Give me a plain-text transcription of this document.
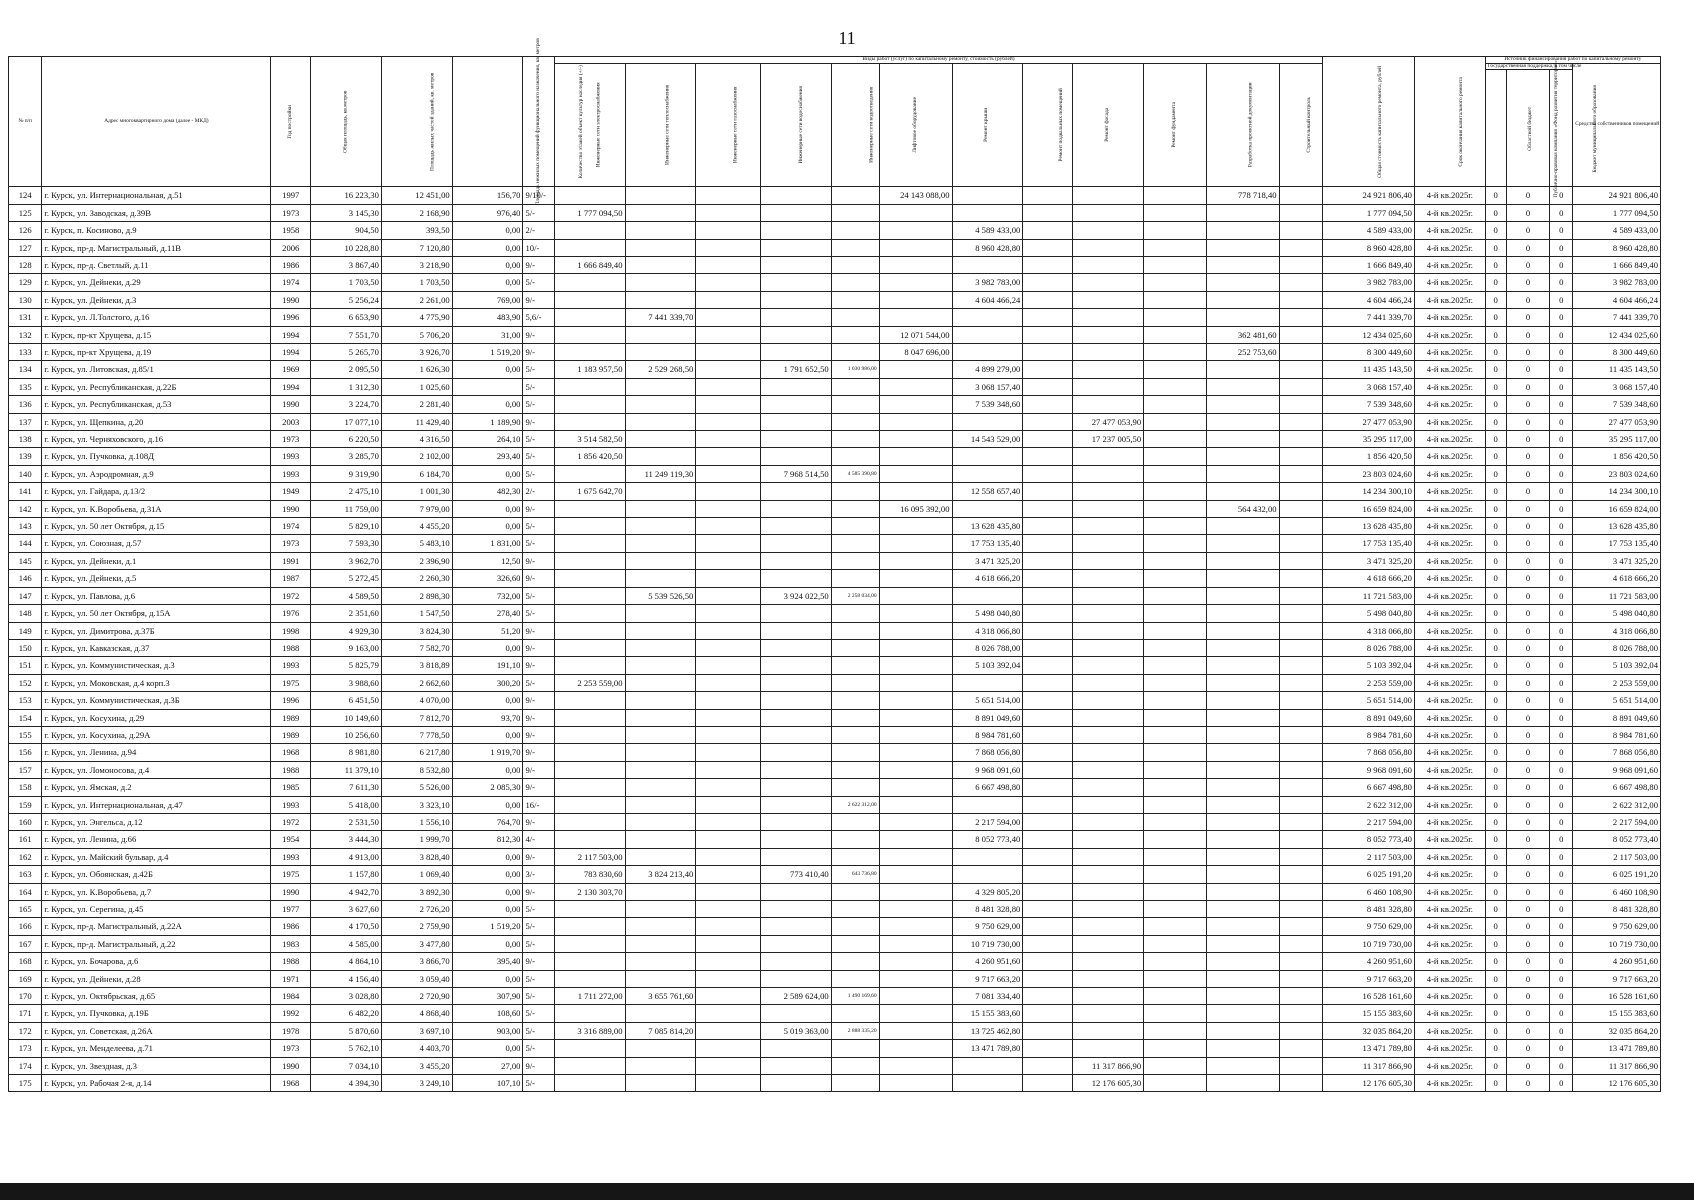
11
№ п/п	Адрес многоквартирного дома (далее - МКД)	Год постройки	Общая площадь, кв.метров	Площадь жилых частей зданий, кв. метров	Площадь нежилых помещений функционального назначения, кв. метров	Количество этажей объект культур наследия (+/-)	Виды работ (услуг) по капитальному ремонту, стоимость (рублей)												Общая стоимость капитального ремонта, рублей	Срок окончания капитального ремонта	Источник финансирования работ по капитальному ремонту			
							Инженерные сети электроснабжения	Инженерные сети теплоснабжения	Инженерные сети газоснабжения	Инженерные сети водоснабжения	Инженерные сети водоотведения	Лифтовое оборудование	Ремонт крыши	Ремонт подвальных помещений	Ремонт фасада	Ремонт фундамента	Разработка проектной документации	Строительный контроль			Государственная поддержка, в том числе			Средства собственников помещений
																					Публично-правовая компания «Фонд развития территорий»	Областной бюджет	Бюджет муниципального образования	
124	г. Курск, ул. Интернациональная, д.51	1997	16 223,30	12 451,00	156,70	9/10/-						24 143 088,00					778 718,40		24 921 806,40	4-й кв.2025г.	0	0	0	24 921 806,40
125	г. Курск, ул. Заводская, д.39В	1973	3 145,30	2 168,90	976,40	5/-	1 777 094,50												1 777 094,50	4-й кв.2025г.	0	0	0	1 777 094,50
126	г. Курск, п. Косиново, д.9	1958	904,50	393,50	0,00	2/-							4 589 433,00						4 589 433,00	4-й кв.2025г.	0	0	0	4 589 433,00
127	г. Курск, пр-д. Магистральный, д.11В	2006	10 228,80	7 120,80	0,00	10/-							8 960 428,80						8 960 428,80	4-й кв.2025г.	0	0	0	8 960 428,80
128	г. Курск, пр-д. Светлый, д.11	1986	3 867,40	3 218,90	0,00	9/-	1 666 849,40												1 666 849,40	4-й кв.2025г.	0	0	0	1 666 849,40
129	г. Курск, ул. Дейнеки, д.29	1974	1 703,50	1 703,50	0,00	5/-							3 982 783,00						3 982 783,00	4-й кв.2025г.	0	0	0	3 982 783,00
130	г. Курск, ул. Дейнеки, д.3	1990	5 256,24	2 261,00	769,00	9/-							4 604 466,24						4 604 466,24	4-й кв.2025г.	0	0	0	4 604 466,24
131	г. Курск, ул. Л.Толстого, д.16	1996	6 653,90	4 775,90	483,90	5,6/-		7 441 339,70											7 441 339,70	4-й кв.2025г.	0	0	0	7 441 339,70
132	г. Курск, пр-кт Хрущева, д.15	1994	7 551,70	5 706,20	31,00	9/-						12 071 544,00					362 481,60		12 434 025,60	4-й кв.2025г.	0	0	0	12 434 025,60
133	г. Курск, пр-кт Хрущева, д.19	1994	5 265,70	3 926,70	1 519,20	9/-						8 047 696,00					252 753,60		8 300 449,60	4-й кв.2025г.	0	0	0	8 300 449,60
134	г. Курск, ул. Литовская, д.85/1	1969	2 095,50	1 626,30	0,00	5/-	1 183 957,50	2 529 268,50		1 791 652,50	1 030 986,00		4 899 279,00						11 435 143,50	4-й кв.2025г.	0	0	0	11 435 143,50
135	г. Курск, ул. Республиканская, д.22Б	1994	1 312,30	1 025,60		5/-							3 068 157,40						3 068 157,40	4-й кв.2025г.	0	0	0	3 068 157,40
136	г. Курск, ул. Республиканская, д.53	1990	3 224,70	2 281,40	0,00	5/-							7 539 348,60						7 539 348,60	4-й кв.2025г.	0	0	0	7 539 348,60
137	г. Курск, ул. Щепкина, д.20	2003	17 077,10	11 429,40	1 189,90	9/-									27 477 053,90				27 477 053,90	4-й кв.2025г.	0	0	0	27 477 053,90
138	г. Курск, ул. Черняховского, д.16	1973	6 220,50	4 316,50	264,10	5/-	3 514 582,50						14 543 529,00		17 237 005,50				35 295 117,00	4-й кв.2025г.	0	0	0	35 295 117,00
139	г. Курск, ул. Пучковка, д.108Д	1993	3 285,70	2 102,00	293,40	5/-	1 856 420,50												1 856 420,50	4-й кв.2025г.	0	0	0	1 856 420,50
140	г. Курск, ул. Аэродромная, д.9	1993	9 319,90	6 184,70	0,00	5/-		11 249 119,30		7 968 514,50	4 585 390,80								23 803 024,60	4-й кв.2025г.	0	0	0	23 803 024,60
141	г. Курск, ул. Гайдара, д.13/2	1949	2 475,10	1 001,30	482,30	2/-	1 675 642,70						12 558 657,40						14 234 300,10	4-й кв.2025г.	0	0	0	14 234 300,10
142	г. Курск, ул. К.Воробьева, д.31А	1990	11 759,00	7 979,00	0,00	9/-						16 095 392,00					564 432,00		16 659 824,00	4-й кв.2025г.	0	0	0	16 659 824,00
143	г. Курск, ул. 50 лет Октября, д.15	1974	5 829,10	4 455,20	0,00	5/-							13 628 435,80						13 628 435,80	4-й кв.2025г.	0	0	0	13 628 435,80
144	г. Курск, ул. Союзная, д.57	1973	7 593,30	5 483,10	1 831,00	5/-							17 753 135,40						17 753 135,40	4-й кв.2025г.	0	0	0	17 753 135,40
145	г. Курск, ул. Дейнеки, д.1	1991	3 962,70	2 396,90	12,50	9/-							3 471 325,20						3 471 325,20	4-й кв.2025г.	0	0	0	3 471 325,20
146	г. Курск, ул. Дейнеки, д.5	1987	5 272,45	2 260,30	326,60	9/-							4 618 666,20						4 618 666,20	4-й кв.2025г.	0	0	0	4 618 666,20
147	г. Курск, ул. Павлова, д.6	1972	4 589,50	2 898,30	732,00	5/-		5 539 526,50		3 924 022,50	2 258 034,00								11 721 583,00	4-й кв.2025г.	0	0	0	11 721 583,00
148	г. Курск, ул. 50 лет Октября, д.15А	1976	2 351,60	1 547,50	278,40	5/-							5 498 040,80						5 498 040,80	4-й кв.2025г.	0	0	0	5 498 040,80
149	г. Курск, ул. Димитрова, д.37Б	1998	4 929,30	3 824,30	51,20	9/-							4 318 066,80						4 318 066,80	4-й кв.2025г.	0	0	0	4 318 066,80
150	г. Курск, ул. Кавказская, д.37	1988	9 163,00	7 582,70	0,00	9/-							8 026 788,00						8 026 788,00	4-й кв.2025г.	0	0	0	8 026 788,00
151	г. Курск, ул. Коммунистическая, д.3	1993	5 825,79	3 818,89	191,10	9/-							5 103 392,04						5 103 392,04	4-й кв.2025г.	0	0	0	5 103 392,04
152	г. Курск, ул. Моковская, д.4 корп.3	1975	3 988,60	2 662,60	300,20	5/-	2 253 559,00												2 253 559,00	4-й кв.2025г.	0	0	0	2 253 559,00
153	г. Курск, ул. Коммунистическая, д.3Б	1996	6 451,50	4 070,00	0,00	9/-							5 651 514,00						5 651 514,00	4-й кв.2025г.	0	0	0	5 651 514,00
154	г. Курск, ул. Косухина, д.29	1989	10 149,60	7 812,70	93,70	9/-							8 891 049,60						8 891 049,60	4-й кв.2025г.	0	0	0	8 891 049,60
155	г. Курск, ул. Косухина, д.29А	1989	10 256,60	7 778,50	0,00	9/-							8 984 781,60						8 984 781,60	4-й кв.2025г.	0	0	0	8 984 781,60
156	г. Курск, ул. Ленина, д.94	1968	8 981,80	6 217,80	1 919,70	9/-							7 868 056,80						7 868 056,80	4-й кв.2025г.	0	0	0	7 868 056,80
157	г. Курск, ул. Ломоносова, д.4	1988	11 379,10	8 532,80	0,00	9/-							9 968 091,60						9 968 091,60	4-й кв.2025г.	0	0	0	9 968 091,60
158	г. Курск, ул. Ямская, д.2	1985	7 611,30	5 526,00	2 085,30	9/-							6 667 498,80						6 667 498,80	4-й кв.2025г.	0	0	0	6 667 498,80
159	г. Курск, ул. Интернациональная, д.47	1993	5 418,00	3 323,10	0,00	16/-					2 622 312,00								2 622 312,00	4-й кв.2025г.	0	0	0	2 622 312,00
160	г. Курск, ул. Энгельса, д.12	1972	2 531,50	1 556,10	764,70	9/-							2 217 594,00						2 217 594,00	4-й кв.2025г.	0	0	0	2 217 594,00
161	г. Курск, ул. Ленина, д.66	1954	3 444,30	1 999,70	812,30	4/-							8 052 773,40						8 052 773,40	4-й кв.2025г.	0	0	0	8 052 773,40
162	г. Курск, ул. Майский бульвар, д.4	1993	4 913,00	3 828,40	0,00	9/-	2 117 503,00												2 117 503,00	4-й кв.2025г.	0	0	0	2 117 503,00
163	г. Курск, ул. Обоянская, д.42Б	1975	1 157,80	1 069,40	0,00	3/-	783 830,60	3 824 213,40		773 410,40	643 736,80								6 025 191,20	4-й кв.2025г.	0	0	0	6 025 191,20
164	г. Курск, ул. К.Воробьева, д.7	1990	4 942,70	3 892,30	0,00	9/-	2 130 303,70						4 329 805,20						6 460 108,90	4-й кв.2025г.	0	0	0	6 460 108,90
165	г. Курск, ул. Серегина, д.45	1977	3 627,60	2 726,20	0,00	5/-							8 481 328,80						8 481 328,80	4-й кв.2025г.	0	0	0	8 481 328,80
166	г. Курск, пр-д. Магистральный, д.22А	1986	4 170,50	2 759,90	1 519,20	5/-							9 750 629,00						9 750 629,00	4-й кв.2025г.	0	0	0	9 750 629,00
167	г. Курск, пр-д. Магистральный, д.22	1983	4 585,00	3 477,80	0,00	5/-							10 719 730,00						10 719 730,00	4-й кв.2025г.	0	0	0	10 719 730,00
168	г. Курск, ул. Бочарова, д.6	1988	4 864,10	3 866,70	395,40	9/-							4 260 951,60						4 260 951,60	4-й кв.2025г.	0	0	0	4 260 951,60
169	г. Курск, ул. Дейнеки, д.28	1971	4 156,40	3 059,40	0,00	5/-							9 717 663,20						9 717 663,20	4-й кв.2025г.	0	0	0	9 717 663,20
170	г. Курск, ул. Октябрьская, д.65	1984	3 028,80	2 720,90	307,90	5/-	1 711 272,00	3 655 761,60		2 589 624,00	1 490 169,60		7 081 334,40						16 528 161,60	4-й кв.2025г.	0	0	0	16 528 161,60
171	г. Курск, ул. Пучковка, д.19Б	1992	6 482,20	4 868,40	108,60	5/-							15 155 383,60						15 155 383,60	4-й кв.2025г.	0	0	0	15 155 383,60
172	г. Курск, ул. Советская, д.26А	1978	5 870,60	3 697,10	903,00	5/-	3 316 889,00	7 085 814,20		5 019 363,00	2 888 335,20		13 725 462,80						32 035 864,20	4-й кв.2025г.	0	0	0	32 035 864,20
173	г. Курск, ул. Менделеева, д.71	1973	5 762,10	4 403,70	0,00	5/-							13 471 789,80						13 471 789,80	4-й кв.2025г.	0	0	0	13 471 789,80
174	г. Курск, ул. Звездная, д.3	1990	7 034,10	3 455,20	27,00	9/-									11 317 866,90				11 317 866,90	4-й кв.2025г.	0	0	0	11 317 866,90
175	г. Курск, ул. Рабочая 2-я, д.14	1968	4 394,30	3 249,10	107,10	5/-									12 176 605,30				12 176 605,30	4-й кв.2025г.	0	0	0	12 176 605,30
